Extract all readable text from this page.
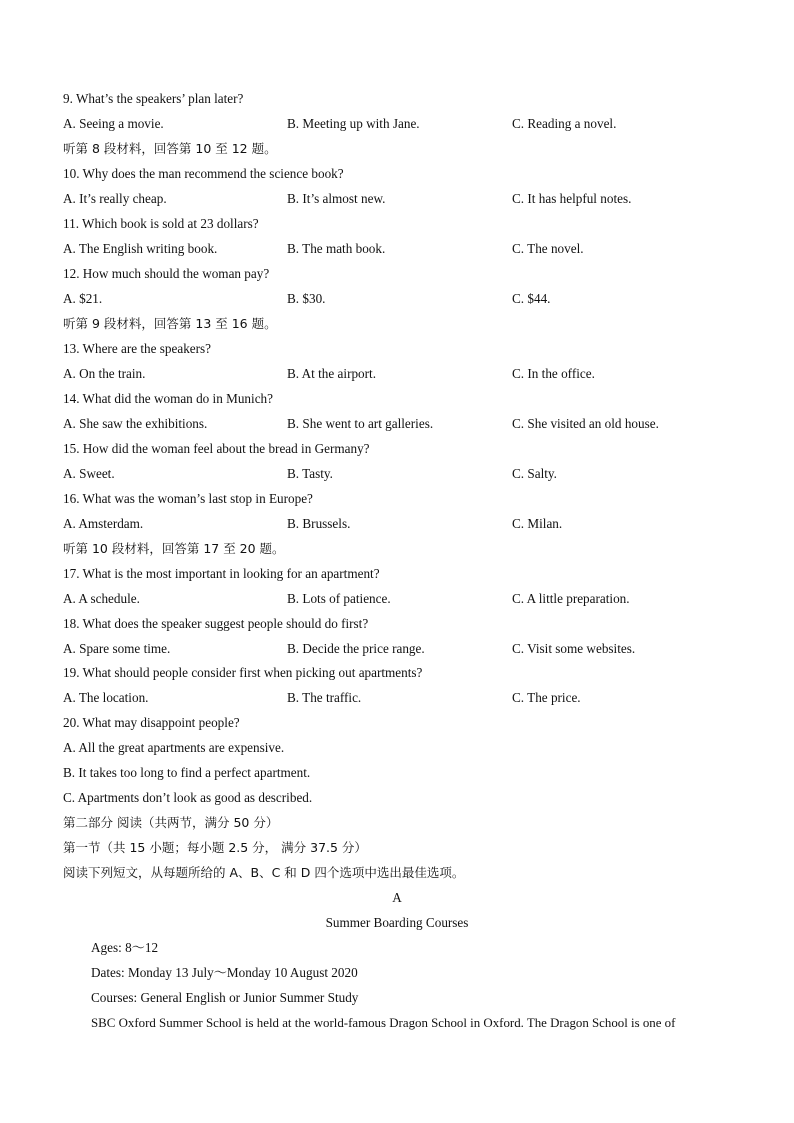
9. What’s the speakers’ plan later?
A. Seeing a movie.	B. Meeting up with Jane.	C. Reading a novel.
听第 8 段材料，回答第 10 至 12 题。
10. Why does the man recommend the science book?
A. It’s really cheap.	B. It’s almost new.	C. It has helpful notes.
11. Which book is sold at 23 dollars?
A. The English writing book.	B. The math book.	C. The novel.
12. How much should the woman pay?
A. $21.	B. $30.	C. $44.
听第 9 段材料，回答第 13 至 16 题。
13. Where are the speakers?
A. On the train.	B. At the airport.	C. In the office.
14. What did the woman do in Munich?
A. She saw the exhibitions.	B. She went to art galleries.	C. She visited an old house.
15. How did the woman feel about the bread in Germany?
A. Sweet.	B. Tasty.	C. Salty.
16. What was the woman’s last stop in Europe?
A. Amsterdam.	B. Brussels.	C. Milan.
听第 10 段材料，回答第 17 至 20 题。
17. What is the most important in looking for an apartment?
A. A schedule.	B. Lots of patience.	C. A little preparation.
18. What does the speaker suggest people should do first?
A. Spare some time.	B. Decide the price range.	C. Visit some websites.
19. What should people consider first when picking out apartments?
A. The location.	B. The traffic.	C. The price.
20. What may disappoint people?
A. All the great apartments are expensive.
B. It takes too long to find a perfect apartment.
C. Apartments don’t look as good as described.
第二部分 阅读（共两节，满分 50 分）
第一节（共 15 小题；每小题 2.5 分， 满分 37.5 分）
阅读下列短文，从每题所给的 A、B、C 和 D 四个选项中选出最佳选项。
A
Summer Boarding Courses
Ages: 8～12
Dates: Monday 13 July～Monday 10 August 2020
Courses: General English or Junior Summer Study
SBC Oxford Summer School is held at the world-famous Dragon School in Oxford. The Dragon School is one of
